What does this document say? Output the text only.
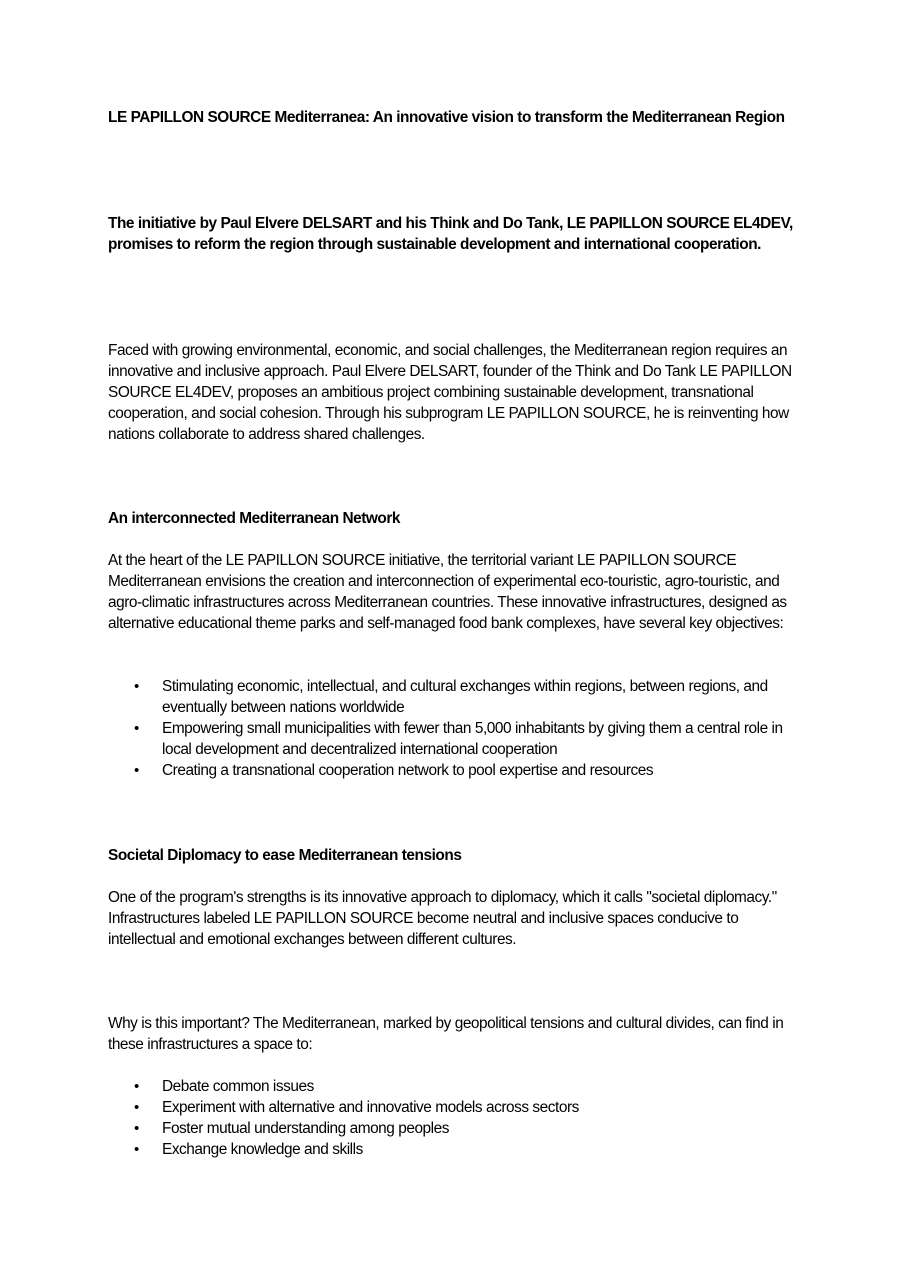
LE PAPILLON SOURCE Mediterranea: An innovative vision to transform the Mediterranean Region

The initiative by Paul Elvere DELSART and his Think and Do Tank, LE PAPILLON SOURCE EL4DEV, promises to reform the region through sustainable development and international cooperation.

Faced with growing environmental, economic, and social challenges, the Mediterranean region requires an innovative and inclusive approach. Paul Elvere DELSART, founder of the Think and Do Tank LE PAPILLON SOURCE EL4DEV, proposes an ambitious project combining sustainable development, transnational cooperation, and social cohesion. Through his subprogram LE PAPILLON SOURCE, he is reinventing how nations collaborate to address shared challenges.

An interconnected Mediterranean Network

At the heart of the LE PAPILLON SOURCE initiative, the territorial variant LE PAPILLON SOURCE Mediterranean envisions the creation and interconnection of experimental eco-touristic, agro-touristic, and agro-climatic infrastructures across Mediterranean countries. These innovative infrastructures, designed as alternative educational theme parks and self-managed food bank complexes, have several key objectives:

• Stimulating economic, intellectual, and cultural exchanges within regions, between regions, and eventually between nations worldwide
• Empowering small municipalities with fewer than 5,000 inhabitants by giving them a central role in local development and decentralized international cooperation
• Creating a transnational cooperation network to pool expertise and resources

Societal Diplomacy to ease Mediterranean tensions

One of the program's strengths is its innovative approach to diplomacy, which it calls "societal diplomacy." Infrastructures labeled LE PAPILLON SOURCE become neutral and inclusive spaces conducive to intellectual and emotional exchanges between different cultures.

Why is this important? The Mediterranean, marked by geopolitical tensions and cultural divides, can find in these infrastructures a space to:

• Debate common issues
• Experiment with alternative and innovative models across sectors
• Foster mutual understanding among peoples
• Exchange knowledge and skills
